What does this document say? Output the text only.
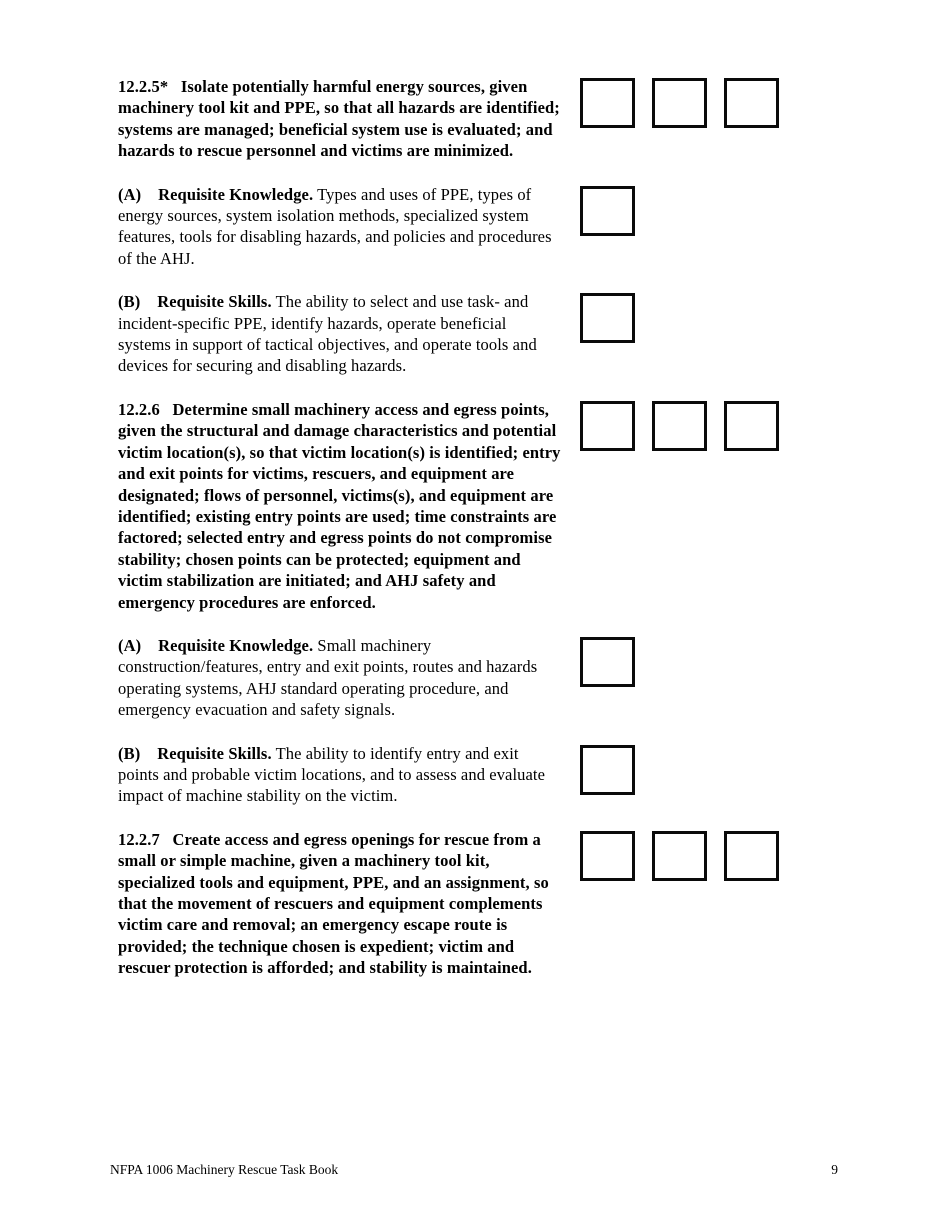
12.2.5*   Isolate potentially harmful energy sources, given machinery tool kit and PPE, so that all hazards are identified; systems are managed; beneficial system use is evaluated; and hazards to rescue personnel and victims are minimized.
(A)    Requisite Knowledge. Types and uses of PPE, types of energy sources, system isolation methods, specialized system features, tools for disabling hazards, and policies and procedures of the AHJ.
(B)    Requisite Skills. The ability to select and use task- and incident-specific PPE, identify hazards, operate beneficial systems in support of tactical objectives, and operate tools and devices for securing and disabling hazards.
12.2.6   Determine small machinery access and egress points, given the structural and damage characteristics and potential victim location(s), so that victim location(s) is identified; entry and exit points for victims, rescuers, and equipment are designated; flows of personnel, victims(s), and equipment are identified; existing entry points are used; time constraints are factored; selected entry and egress points do not compromise stability; chosen points can be protected; equipment and victim stabilization are initiated; and AHJ safety and emergency procedures are enforced.
(A)    Requisite Knowledge. Small machinery construction/features, entry and exit points, routes and hazards operating systems, AHJ standard operating procedure, and emergency evacuation and safety signals.
(B)    Requisite Skills. The ability to identify entry and exit points and probable victim locations, and to assess and evaluate impact of machine stability on the victim.
12.2.7   Create access and egress openings for rescue from a small or simple machine, given a machinery tool kit, specialized tools and equipment, PPE, and an assignment, so that the movement of rescuers and equipment complements victim care and removal; an emergency escape route is provided; the technique chosen is expedient; victim and rescuer protection is afforded; and stability is maintained.
NFPA 1006 Machinery Rescue Task Book	9
